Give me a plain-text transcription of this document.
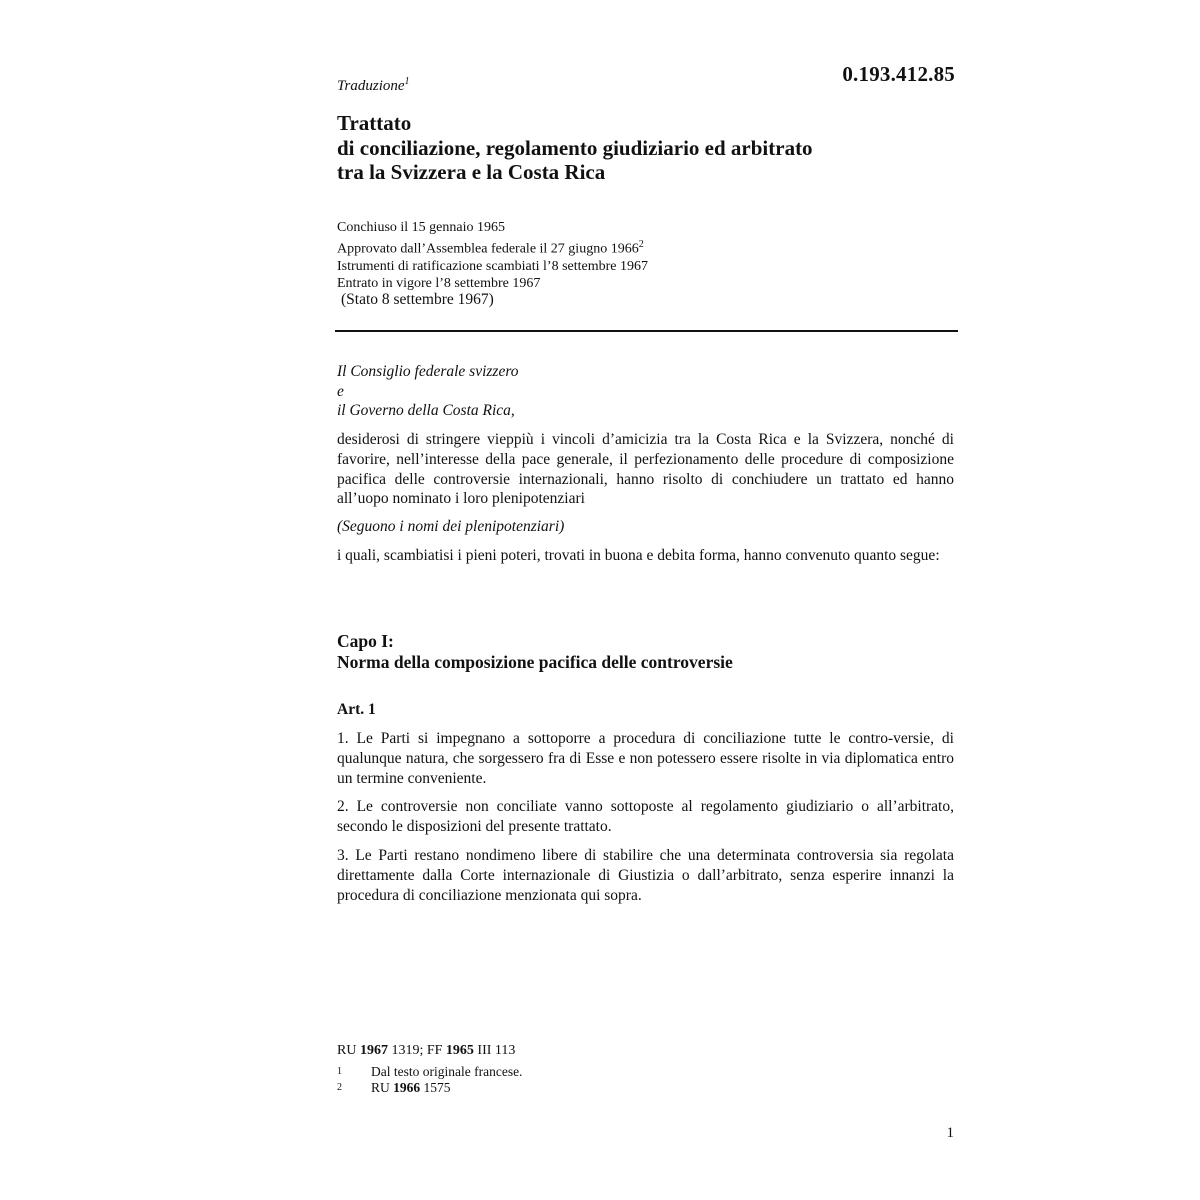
Traduzione$^1$	0.193.412.85
Trattato
di conciliazione, regolamento giudiziario ed arbitrato
tra la Svizzera e la Costa Rica
Conchiuso il 15 gennaio 1965
Approvato dall’Assemblea federale il 27 giugno 1966$^2$
Istrumenti di ratificazione scambiati l’8 settembre 1967
Entrato in vigore l’8 settembre 1967
(Stato 8 settembre 1967)
Il Consiglio federale svizzero
e
il Governo della Costa Rica,
desiderosi di stringere vieppiù i vincoli d’amicizia tra la Costa Rica e la Svizzera, nonché di favorire, nell’interesse della pace generale, il perfezionamento delle procedure di composizione pacifica delle controversie internazionali, hanno risolto di conchiudere un trattato ed hanno all’uopo nominato i loro plenipotenziari
(Seguono i nomi dei plenipotenziari)
i quali, scambiatisi i pieni poteri, trovati in buona e debita forma, hanno convenuto quanto segue:
Capo I:
Norma della composizione pacifica delle controversie
Art. 1
1. Le Parti si impegnano a sottoporre a procedura di conciliazione tutte le contro-versie, di qualunque natura, che sorgessero fra di Esse e non potessero essere risolte in via diplomatica entro un termine conveniente.
2. Le controversie non conciliate vanno sottoposte al regolamento giudiziario o all’arbitrato, secondo le disposizioni del presente trattato.
3. Le Parti restano nondimeno libere di stabilire che una determinata controversia sia regolata direttamente dalla Corte internazionale di Giustizia o dall’arbitrato, senza esperire innanzi la procedura di conciliazione menzionata qui sopra.
RU 1967 1319; FF 1965 III 113
1 Dal testo originale francese.
2 RU 1966 1575
1
